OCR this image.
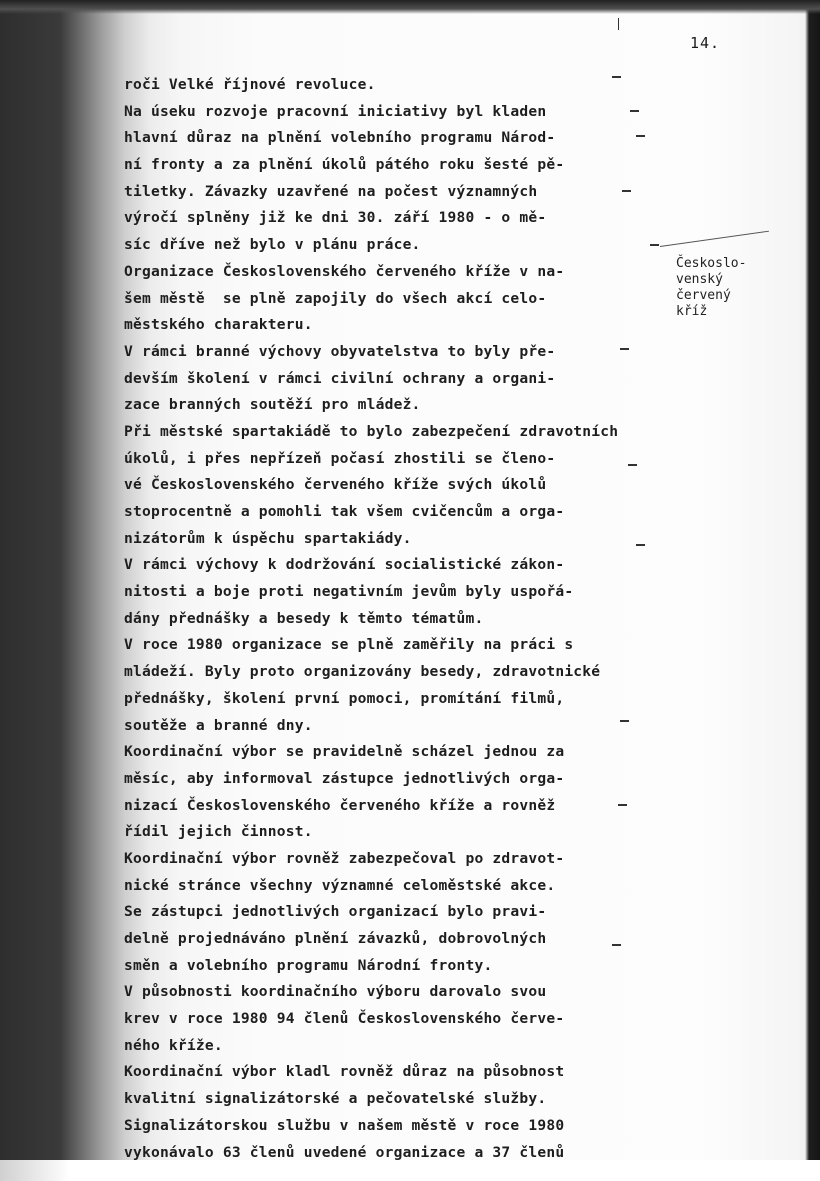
14.
roči Velké říjnové revoluce.
Na úseku rozvoje pracovní iniciativy byl kladen
hlavní důraz na plnění volebního programu Národ-
ní fronty a za plnění úkolů pátého roku šesté pě-
tiletky. Závazky uzavřené na počest významných
výročí splněny již ke dni 30. září 1980 - o mě-
síc dříve než bylo v plánu práce.
Organizace Československého červeného kříže v na-
šem městě  se plně zapojily do všech akcí celo-
městského charakteru.
V rámci branné výchovy obyvatelstva to byly pře-
devším školení v rámci civilní ochrany a organi-
zace branných soutěží pro mládež.
Při městské spartakiádě to bylo zabezpečení zdravotních
úkolů, i přes nepřízeň počasí zhostili se členo-
vé Československého červeného kříže svých úkolů
stoprocentně a pomohli tak všem cvičencům a orga-
nizátorům k úspěchu spartakiády.
V rámci výchovy k dodržování socialistické zákon-
nitosti a boje proti negativním jevům byly uspořá-
dány přednášky a besedy k těmto tématům.
V roce 1980 organizace se plně zaměřily na práci s
mládeží. Byly proto organizovány besedy, zdravotnické
přednášky, školení první pomoci, promítání filmů,
soutěže a branné dny.
Koordinační výbor se pravidelně scházel jednou za
měsíc, aby informoval zástupce jednotlivých orga-
nizací Československého červeného kříže a rovněž
řídil jejich činnost.
Koordinační výbor rovněž zabezpečoval po zdravot-
nické stránce všechny významné celoměstské akce.
Se zástupci jednotlivých organizací bylo pravi-
delně projednáváno plnění závazků, dobrovolných
směn a volebního programu Národní fronty.
V působnosti koordinačního výboru darovalo svou
krev v roce 1980 94 členů Československého červe-
ného kříže.
Koordinační výbor kladl rovněž důraz na působnost
kvalitní signalizátorské a pečovatelské služby.
Signalizátorskou službu v našem městě v roce 1980
vykonávalo 63 členů uvedené organizace a 37 členů
Českoslo-
venský
červený
kříž
